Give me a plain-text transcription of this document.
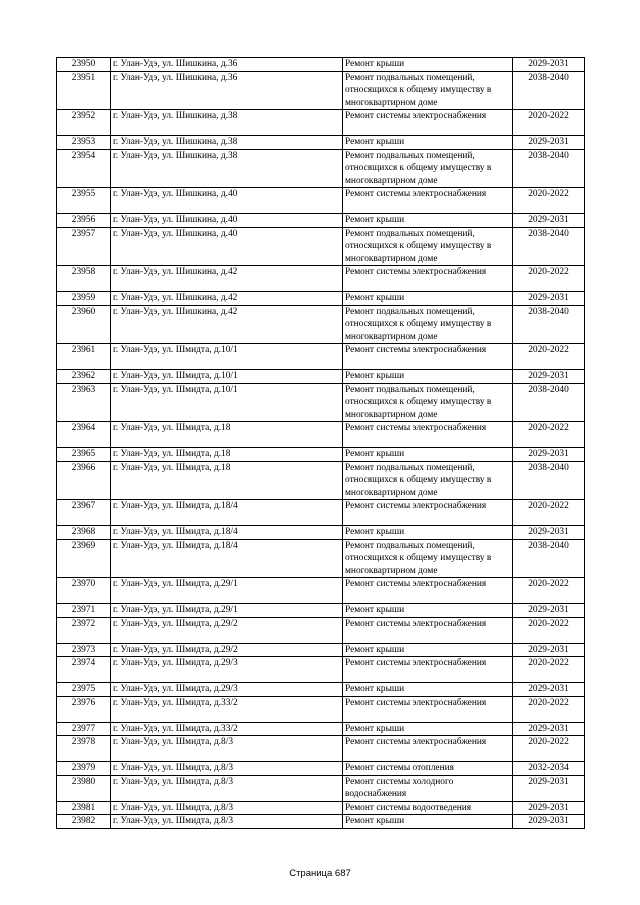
23950	г. Улан-Удэ, ул. Шишкина, д.36	Ремонт крыши	2029-2031
23951	г. Улан-Удэ, ул. Шишкина, д.36	Ремонт подвальных помещений, относящихся к общему имуществу в многоквартирном доме	2038-2040
23952	г. Улан-Удэ, ул. Шишкина, д.38	Ремонт системы электроснабжения	2020-2022
23953	г. Улан-Удэ, ул. Шишкина, д.38	Ремонт крыши	2029-2031
23954	г. Улан-Удэ, ул. Шишкина, д.38	Ремонт подвальных помещений, относящихся к общему имуществу в многоквартирном доме	2038-2040
23955	г. Улан-Удэ, ул. Шишкина, д.40	Ремонт системы электроснабжения	2020-2022
23956	г. Улан-Удэ, ул. Шишкина, д.40	Ремонт крыши	2029-2031
23957	г. Улан-Удэ, ул. Шишкина, д.40	Ремонт подвальных помещений, относящихся к общему имуществу в многоквартирном доме	2038-2040
23958	г. Улан-Удэ, ул. Шишкина, д.42	Ремонт системы электроснабжения	2020-2022
23959	г. Улан-Удэ, ул. Шишкина, д.42	Ремонт крыши	2029-2031
23960	г. Улан-Удэ, ул. Шишкина, д.42	Ремонт подвальных помещений, относящихся к общему имуществу в многоквартирном доме	2038-2040
23961	г. Улан-Удэ, ул. Шмидта, д.10/1	Ремонт системы электроснабжения	2020-2022
23962	г. Улан-Удэ, ул. Шмидта, д.10/1	Ремонт крыши	2029-2031
23963	г. Улан-Удэ, ул. Шмидта, д.10/1	Ремонт подвальных помещений, относящихся к общему имуществу в многоквартирном доме	2038-2040
23964	г. Улан-Удэ, ул. Шмидта, д.18	Ремонт системы электроснабжения	2020-2022
23965	г. Улан-Удэ, ул. Шмидта, д.18	Ремонт крыши	2029-2031
23966	г. Улан-Удэ, ул. Шмидта, д.18	Ремонт подвальных помещений, относящихся к общему имуществу в многоквартирном доме	2038-2040
23967	г. Улан-Удэ, ул. Шмидта, д.18/4	Ремонт системы электроснабжения	2020-2022
23968	г. Улан-Удэ, ул. Шмидта, д.18/4	Ремонт крыши	2029-2031
23969	г. Улан-Удэ, ул. Шмидта, д.18/4	Ремонт подвальных помещений, относящихся к общему имуществу в многоквартирном доме	2038-2040
23970	г. Улан-Удэ, ул. Шмидта, д.29/1	Ремонт системы электроснабжения	2020-2022
23971	г. Улан-Удэ, ул. Шмидта, д.29/1	Ремонт крыши	2029-2031
23972	г. Улан-Удэ, ул. Шмидта, д.29/2	Ремонт системы электроснабжения	2020-2022
23973	г. Улан-Удэ, ул. Шмидта, д.29/2	Ремонт крыши	2029-2031
23974	г. Улан-Удэ, ул. Шмидта, д.29/3	Ремонт системы электроснабжения	2020-2022
23975	г. Улан-Удэ, ул. Шмидта, д.29/3	Ремонт крыши	2029-2031
23976	г. Улан-Удэ, ул. Шмидта, д.33/2	Ремонт системы электроснабжения	2020-2022
23977	г. Улан-Удэ, ул. Шмидта, д.33/2	Ремонт крыши	2029-2031
23978	г. Улан-Удэ, ул. Шмидта, д.8/3	Ремонт системы электроснабжения	2020-2022
23979	г. Улан-Удэ, ул. Шмидта, д.8/3	Ремонт системы отопления	2032-2034
23980	г. Улан-Удэ, ул. Шмидта, д.8/3	Ремонт системы холодного водоснабжения	2029-2031
23981	г. Улан-Удэ, ул. Шмидта, д.8/3	Ремонт системы водоотведения	2029-2031
23982	г. Улан-Удэ, ул. Шмидта, д.8/3	Ремонт крыши	2029-2031
Страница 687
